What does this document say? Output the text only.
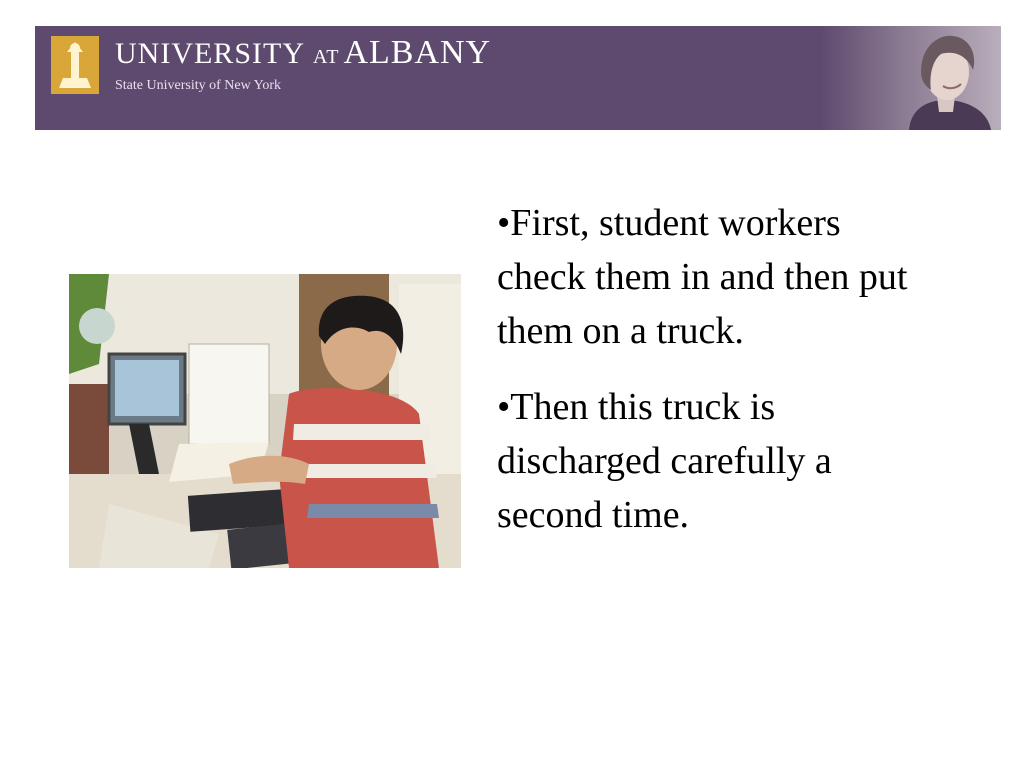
UNIVERSITY AT ALBANY
State University of New York

•First, student workers check them in and then put them on a truck.

•Then this truck is discharged carefully a second time.
